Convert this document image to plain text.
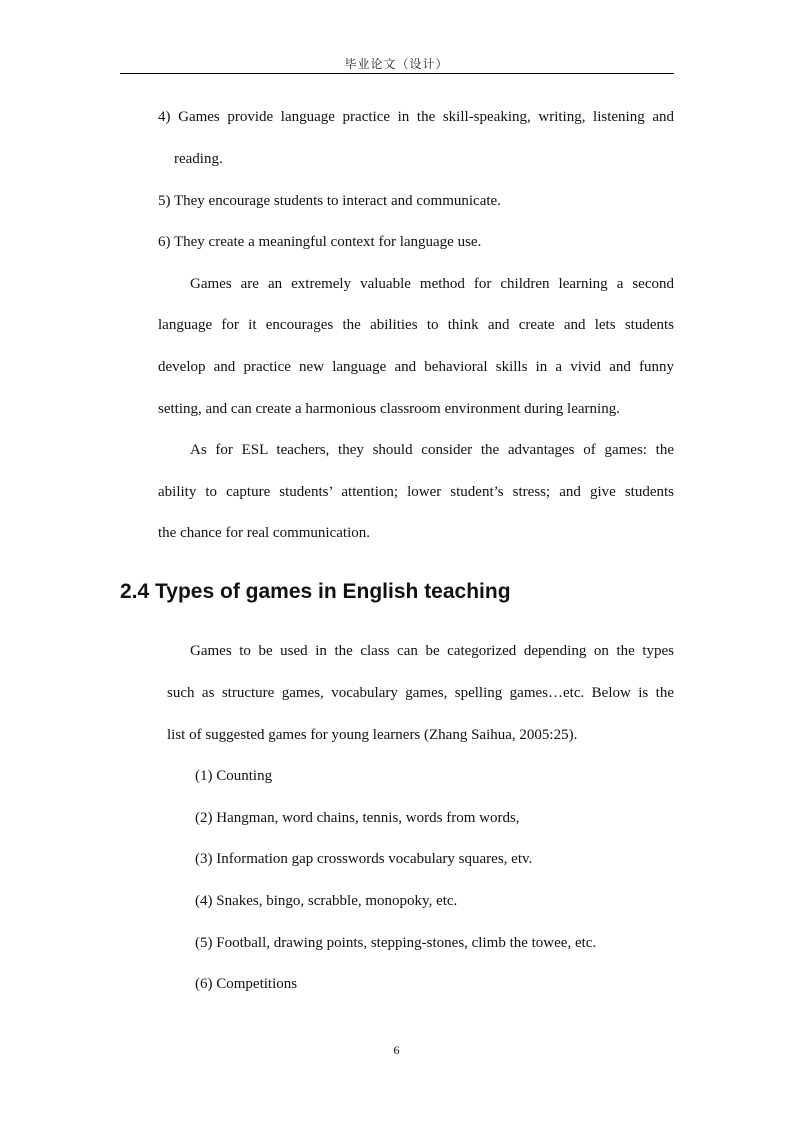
毕业论文（设计）
4) Games provide language practice in the skill-speaking, writing, listening and
reading.
5) They encourage students to interact and communicate.
6) They create a meaningful context for language use.
Games are an extremely valuable method for children learning a second
language for it encourages the abilities to think and create and lets students
develop and practice new language and behavioral skills in a vivid and funny
setting, and can create a harmonious classroom environment during learning.
As for ESL teachers, they should consider the advantages of games: the
ability to capture students’ attention; lower student’s stress; and give students
the chance for real communication.
2.4 Types of games in English teaching
Games to be used in the class can be categorized depending on the types
such as structure games, vocabulary games, spelling games…etc. Below is the
list of suggested games for young learners (Zhang Saihua, 2005:25).
(1) Counting
(2) Hangman, word chains, tennis, words from words,
(3) Information gap crosswords vocabulary squares, etv.
(4) Snakes, bingo, scrabble, monopoky, etc.
(5) Football, drawing points, stepping-stones, climb the towee, etc.
(6) Competitions
6
